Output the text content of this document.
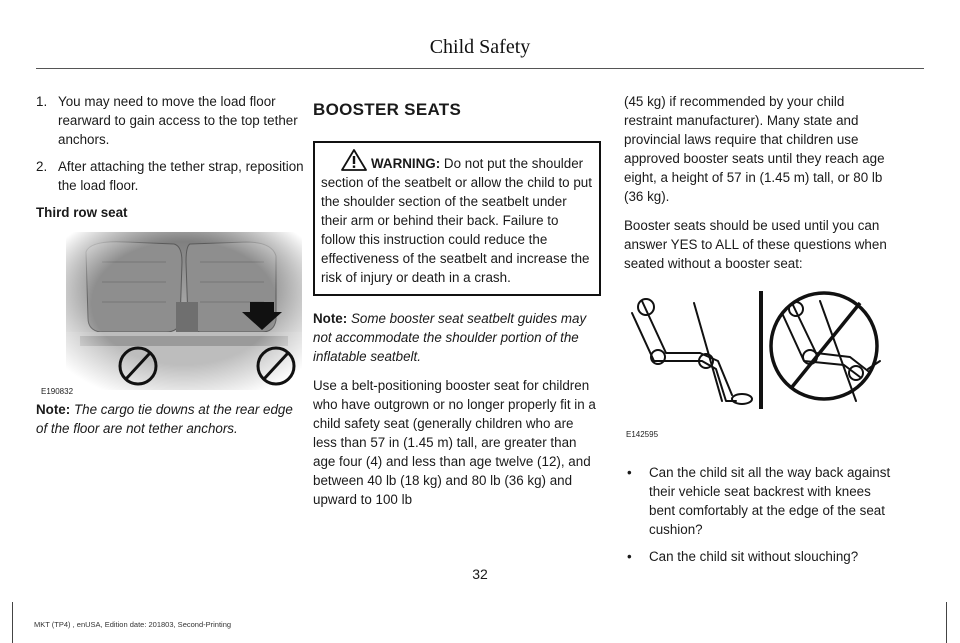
Child Safety
1. You may need to move the load floor rearward to gain access to the top tether anchors.
2. After attaching the tether strap, reposition the load floor.

Third row seat

E190832

Note: The cargo tie downs at the rear edge of the floor are not tether anchors.

BOOSTER SEATS
WARNING: Do not put the shoulder section of the seatbelt or allow the child to put the shoulder section of the seatbelt under their arm or behind their back. Failure to follow this instruction could reduce the effectiveness of the seatbelt and increase the risk of injury or death in a crash.

Note: Some booster seat seatbelt guides may not accommodate the shoulder portion of the inflatable seatbelt.

Use a belt-positioning booster seat for children who have outgrown or no longer properly fit in a child safety seat (generally children who are less than 57 in (1.45 m) tall, are greater than age four (4) and less than age twelve (12), and between 40 lb (18 kg) and 80 lb (36 kg) and upward to 100 lb

(45 kg) if recommended by your child restraint manufacturer). Many state and provincial laws require that children use approved booster seats until they reach age eight, a height of 57 in (1.45 m) tall, or 80 lb (36 kg).

Booster seats should be used until you can answer YES to ALL of these questions when seated without a booster seat:

E142595
•	Can the child sit all the way back against their vehicle seat backrest with knees bent comfortably at the edge of the seat cushion?
•	Can the child sit without slouching?
32
MKT (TP4) , enUSA, Edition date: 201803, Second-Printing
